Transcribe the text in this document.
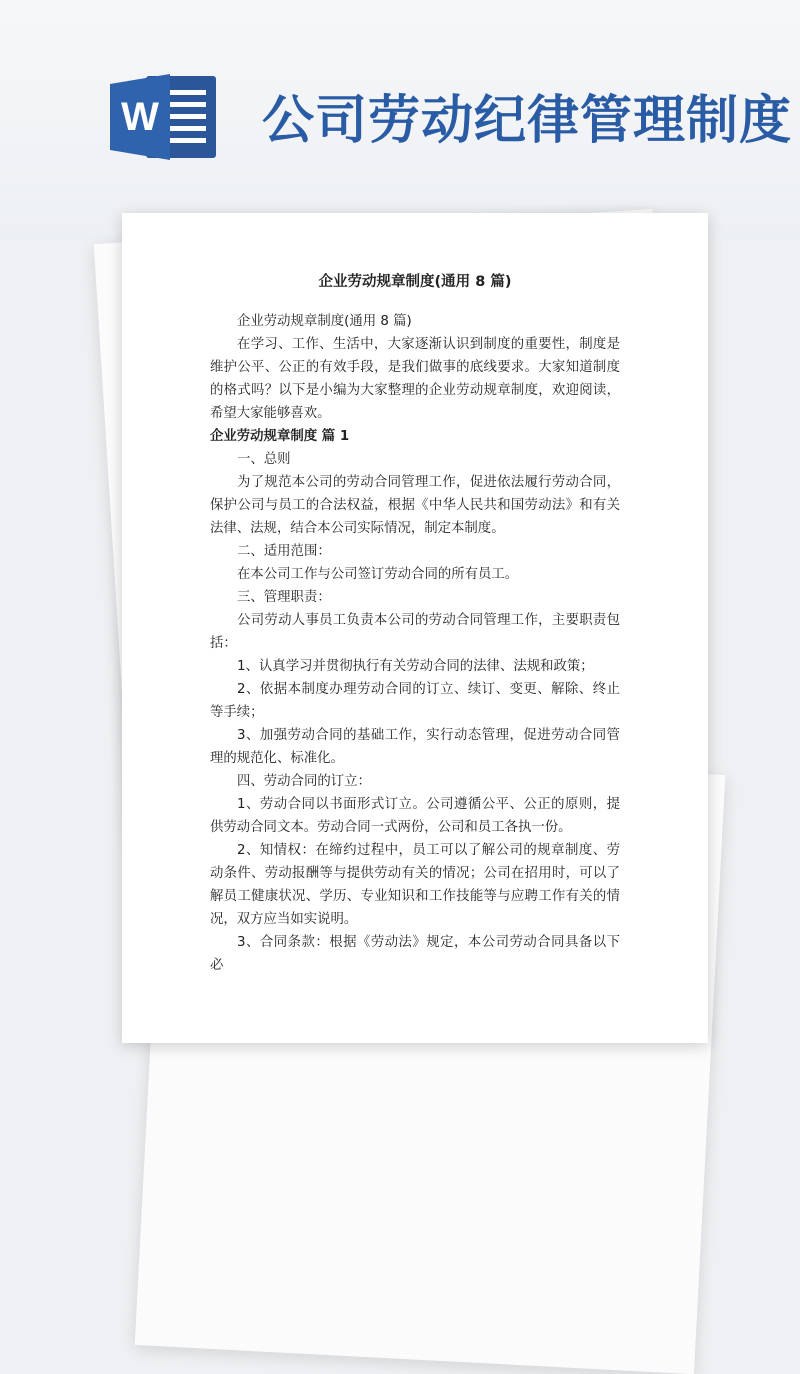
W 公司劳动纪律管理制度
企业劳动规章制度(通用 8 篇)

企业劳动规章制度(通用 8 篇)

在学习、工作、生活中，大家逐渐认识到制度的重要性，制度是维护公平、公正的有效手段，是我们做事的底线要求。大家知道制度的格式吗？以下是小编为大家整理的企业劳动规章制度，欢迎阅读，希望大家能够喜欢。

企业劳动规章制度 篇 1

一、总则

为了规范本公司的劳动合同管理工作，促进依法履行劳动合同，保护公司与员工的合法权益，根据《中华人民共和国劳动法》和有关法律、法规，结合本公司实际情况，制定本制度。

二、适用范围：

在本公司工作与公司签订劳动合同的所有员工。

三、管理职责：

公司劳动人事员工负责本公司的劳动合同管理工作，主要职责包括：

1、认真学习并贯彻执行有关劳动合同的法律、法规和政策；

2、依据本制度办理劳动合同的订立、续订、变更、解除、终止等手续；

3、加强劳动合同的基础工作，实行动态管理，促进劳动合同管理的规范化、标准化。

四、劳动合同的订立：

1、劳动合同以书面形式订立。公司遵循公平、公正的原则，提供劳动合同文本。劳动合同一式两份，公司和员工各执一份。

2、知情权：在缔约过程中，员工可以了解公司的规章制度、劳动条件、劳动报酬等与提供劳动有关的情况；公司在招用时，可以了解员工健康状况、学历、专业知识和工作技能等与应聘工作有关的情况，双方应当如实说明。

3、合同条款：根据《劳动法》规定，本公司劳动合同具备以下必
